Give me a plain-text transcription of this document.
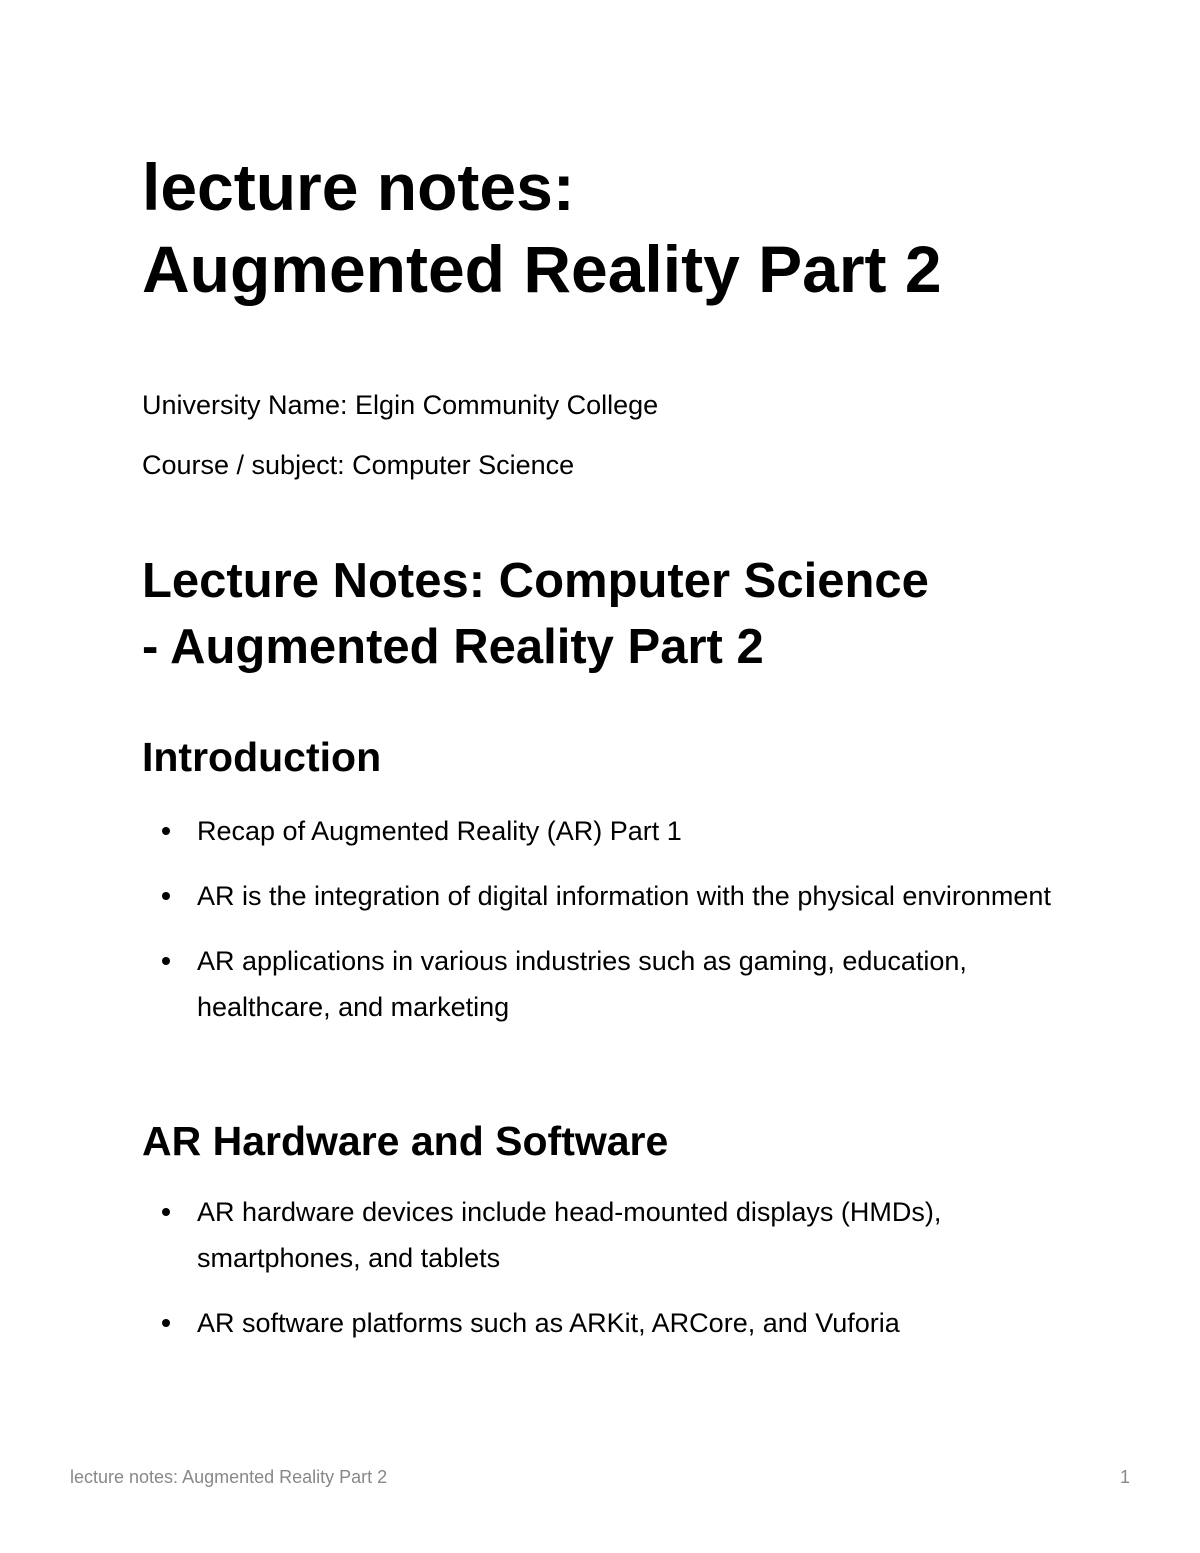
lecture notes:
Augmented Reality Part 2

University Name: Elgin Community College

Course / subject: Computer Science

Lecture Notes: Computer Science
- Augmented Reality Part 2
Introduction
Recap of Augmented Reality (AR) Part 1
AR is the integration of digital information with the physical environment
AR applications in various industries such as gaming, education, healthcare, and marketing
AR Hardware and Software
AR hardware devices include head-mounted displays (HMDs), smartphones, and tablets
AR software platforms such as ARKit, ARCore, and Vuforia
lecture notes: Augmented Reality Part 2	1
